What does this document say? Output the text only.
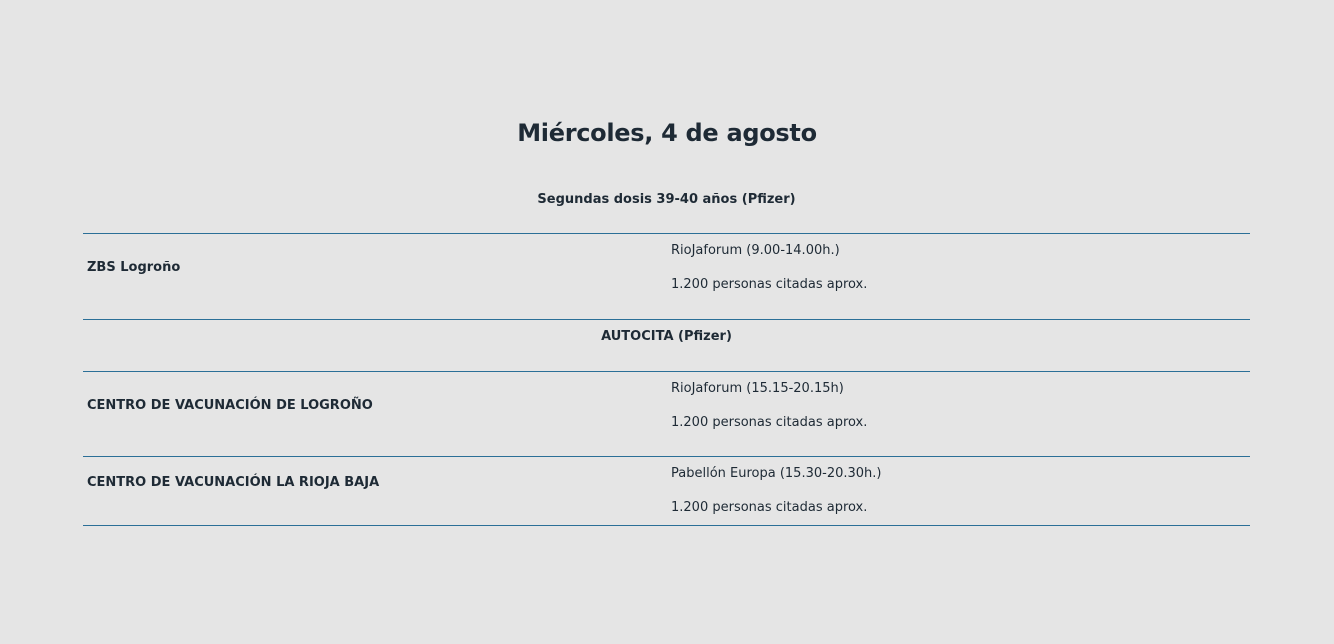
Miércoles, 4 de agosto
Segundas dosis 39-40 años (Pfizer)
ZBS Logroño
RioJaforum (9.00-14.00h.)
1.200 personas citadas aprox.
AUTOCITA (Pfizer)
CENTRO DE VACUNACIÓN DE LOGROÑO
RioJaforum (15.15-20.15h)
1.200 personas citadas aprox.
CENTRO DE VACUNACIÓN LA RIOJA BAJA
Pabellón Europa (15.30-20.30h.)
1.200 personas citadas aprox.
